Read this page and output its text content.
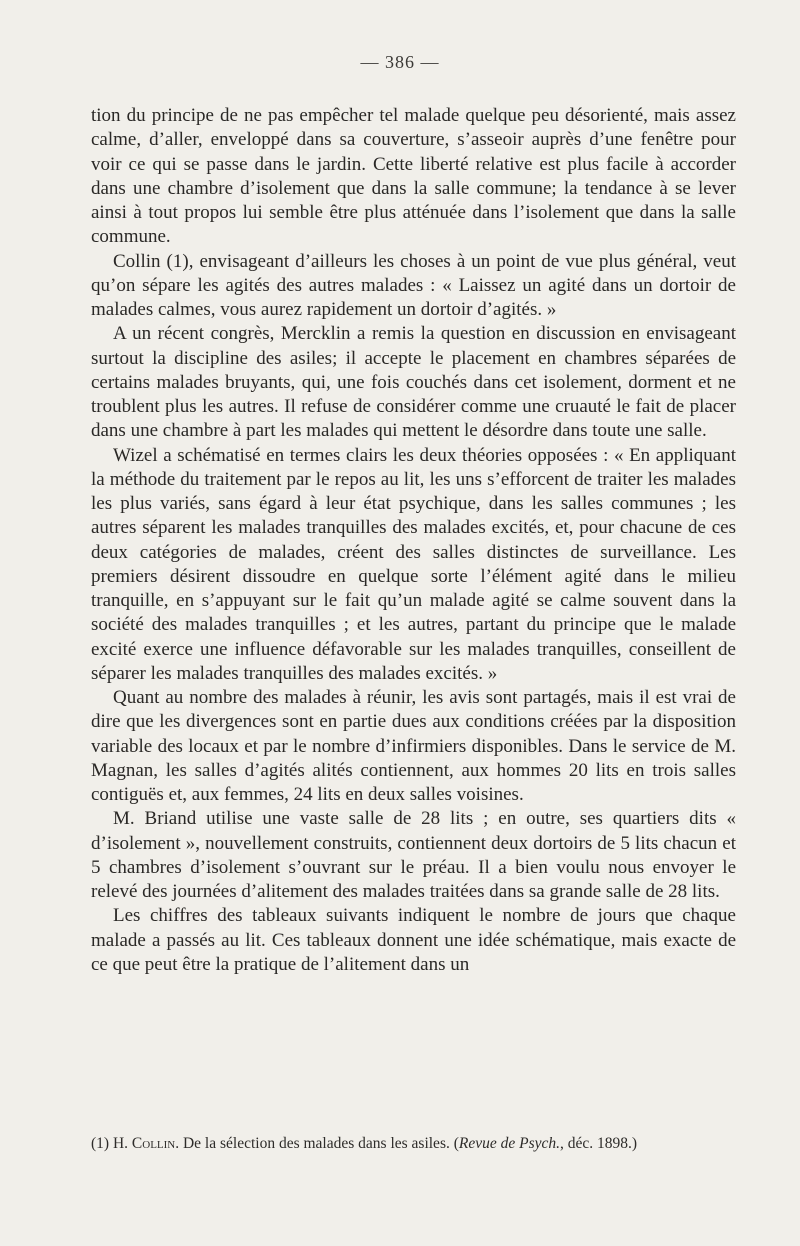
— 386 —

tion du principe de ne pas empêcher tel malade quelque peu désorienté, mais assez calme, d’aller, enveloppé dans sa couverture, s’asseoir auprès d’une fenêtre pour voir ce qui se passe dans le jardin. Cette liberté relative est plus facile à accorder dans une chambre d’isolement que dans la salle commune; la tendance à se lever ainsi à tout propos lui semble être plus atténuée dans l’isolement que dans la salle commune.

Collin (1), envisageant d’ailleurs les choses à un point de vue plus général, veut qu’on sépare les agités des autres malades : « Laissez un agité dans un dortoir de malades calmes, vous aurez rapidement un dortoir d’agités. »

A un récent congrès, Mercklin a remis la question en discussion en envisageant surtout la discipline des asiles; il accepte le placement en chambres séparées de certains malades bruyants, qui, une fois couchés dans cet isolement, dorment et ne troublent plus les autres. Il refuse de considérer comme une cruauté le fait de placer dans une chambre à part les malades qui mettent le désordre dans toute une salle.

Wizel a schématisé en termes clairs les deux théories opposées : « En appliquant la méthode du traitement par le repos au lit, les uns s’efforcent de traiter les malades les plus variés, sans égard à leur état psychique, dans les salles communes ; les autres séparent les malades tranquilles des malades excités, et, pour chacune de ces deux catégories de malades, créent des salles distinctes de surveillance. Les premiers désirent dissoudre en quelque sorte l’élément agité dans le milieu tranquille, en s’appuyant sur le fait qu’un malade agité se calme souvent dans la société des malades tranquilles ; et les autres, partant du principe que le malade excité exerce une influence défavorable sur les malades tranquilles, conseillent de séparer les malades tranquilles des malades excités. »

Quant au nombre des malades à réunir, les avis sont partagés, mais il est vrai de dire que les divergences sont en partie dues aux conditions créées par la disposition variable des locaux et par le nombre d’infirmiers disponibles. Dans le service de M. Magnan, les salles d’agités alités contiennent, aux hommes 20 lits en trois salles contiguës et, aux femmes, 24 lits en deux salles voisines.

M. Briand utilise une vaste salle de 28 lits ; en outre, ses quartiers dits « d’isolement », nouvellement construits, contiennent deux dortoirs de 5 lits chacun et 5 chambres d’isolement s’ouvrant sur le préau. Il a bien voulu nous envoyer le relevé des journées d’alitement des malades traitées dans sa grande salle de 28 lits.

Les chiffres des tableaux suivants indiquent le nombre de jours que chaque malade a passés au lit. Ces tableaux donnent une idée schématique, mais exacte de ce que peut être la pratique de l’alitement dans un

(1) H. Collin. De la sélection des malades dans les asiles. (Revue de Psych., déc. 1898.)
